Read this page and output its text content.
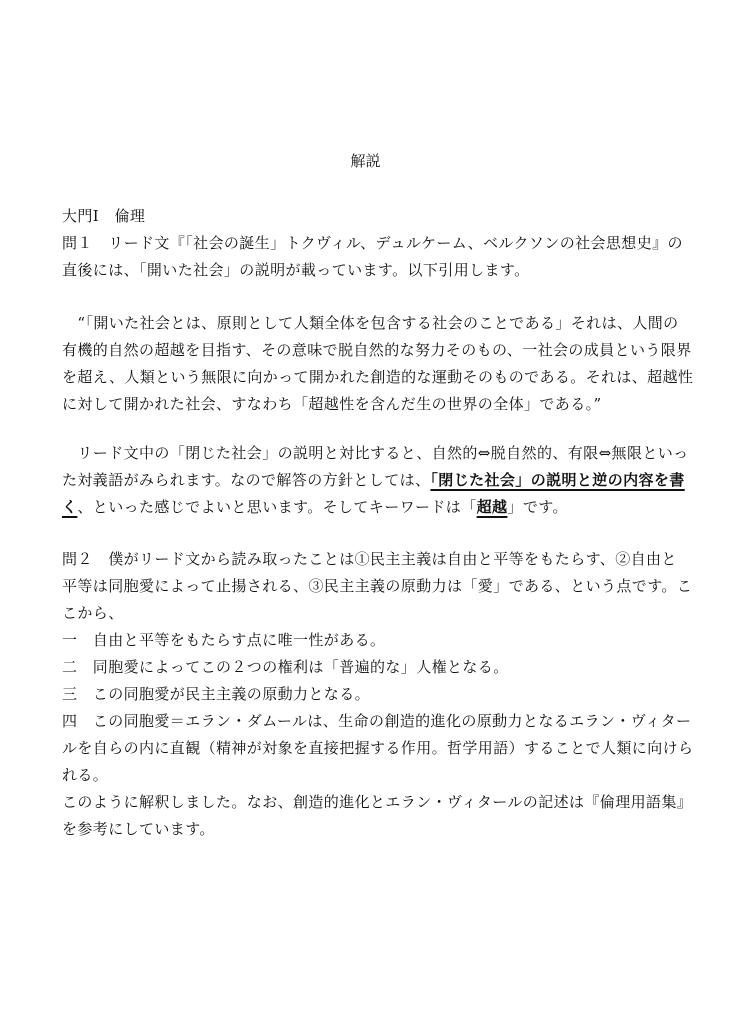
解説
大門Ⅰ　倫理
問１　リード文『「社会の誕生」トクヴィル、デュルケーム、ベルクソンの社会思想史』の
直後には、「開いた社会」の説明が載っています。以下引用します。
　“「開いた社会とは、原則として人類全体を包含する社会のことである」それは、人間の
有機的自然の超越を目指す、その意味で脱自然的な努力そのもの、一社会の成員という限界
を超え、人類という無限に向かって開かれた創造的な運動そのものである。それは、超越性
に対して開かれた社会、すなわち「超越性を含んだ生の世界の全体」である。”
　リード文中の「閉じた社会」の説明と対比すると、自然的⇔脱自然的、有限⇔無限といっ
た対義語がみられます。なので解答の方針としては、「閉じた社会」の説明と逆の内容を書
く、といった感じでよいと思います。そしてキーワードは「超越」です。
問２　僕がリード文から読み取ったことは①民主主義は自由と平等をもたらす、②自由と
平等は同胞愛によって止揚される、③民主主義の原動力は「愛」である、という点です。こ
こから、
一　自由と平等をもたらす点に唯一性がある。
二　同胞愛によってこの２つの権利は「普遍的な」人権となる。
三　この同胞愛が民主主義の原動力となる。
四　この同胞愛＝エラン・ダムールは、生命の創造的進化の原動力となるエラン・ヴィター
ルを自らの内に直観（精神が対象を直接把握する作用。哲学用語）することで人類に向けら
れる。
このように解釈しました。なお、創造的進化とエラン・ヴィタールの記述は『倫理用語集』
を参考にしています。
